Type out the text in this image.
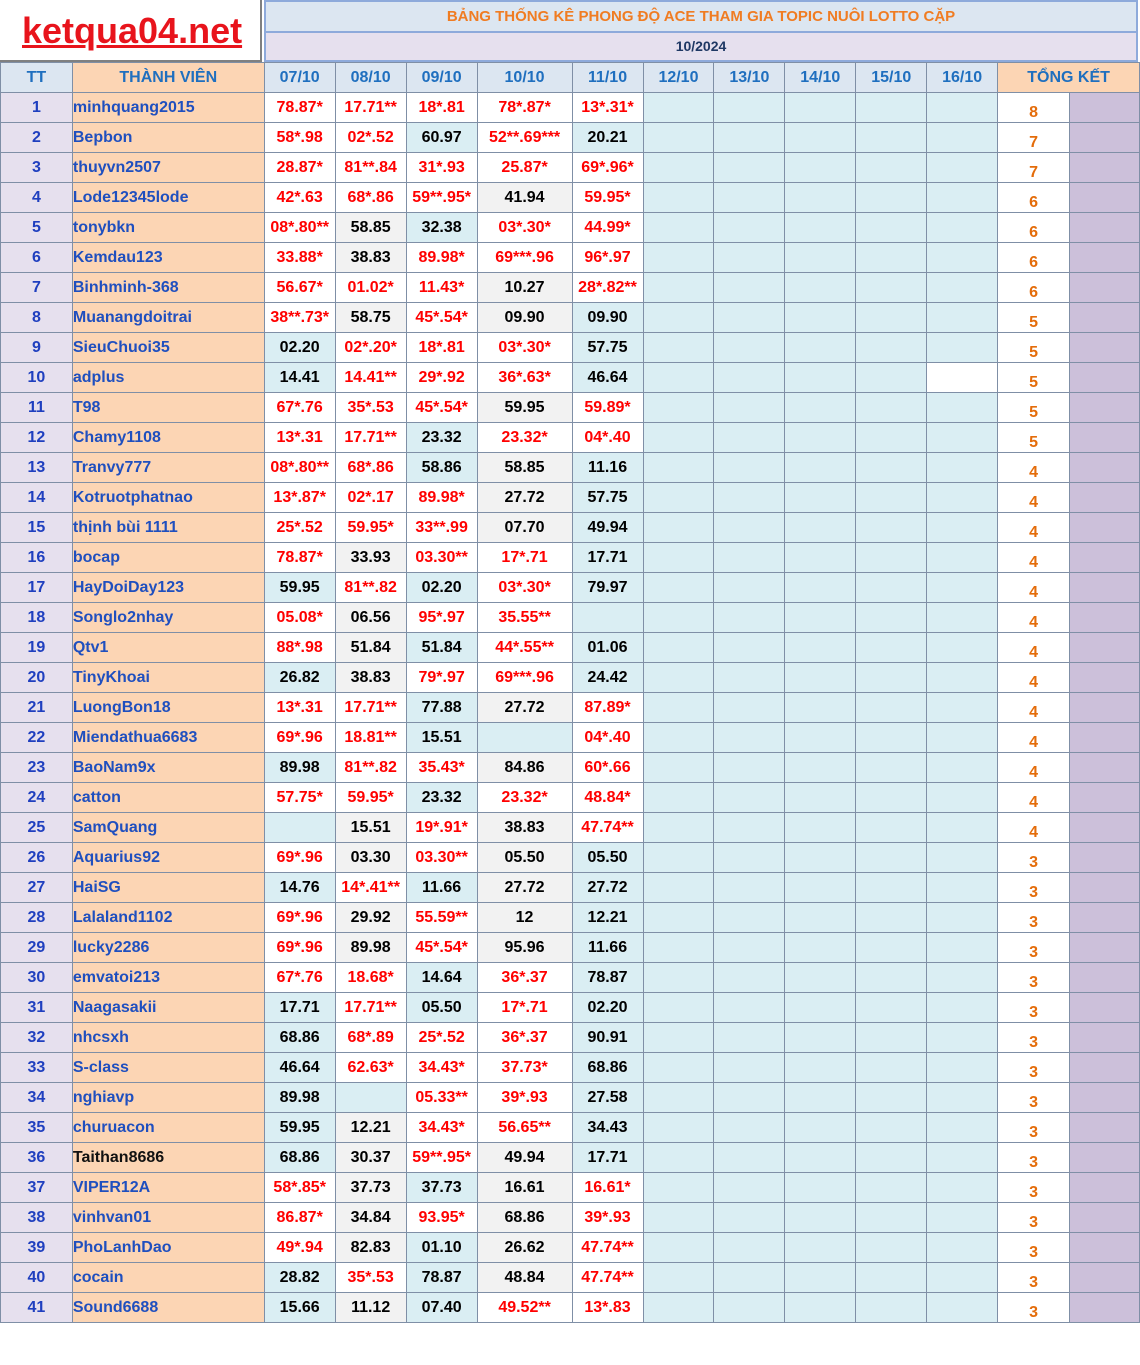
ketqua04.net	BẢNG THỐNG KÊ PHONG ĐỘ ACE THAM GIA TOPIC NUÔI LOTTO CẶP
10/2024
TT	THÀNH VIÊN	07/10	08/10	09/10	10/10	11/10	12/10	13/10	14/10	15/10	16/10	TỔNG KẾT	
1	minhquang2015	78.87*	17.71**	18*.81	78*.87*	13*.31*						8	
2	Bepbon	58*.98	02*.52	60.97	52**.69***	20.21						7	
3	thuyvn2507	28.87*	81**.84	31*.93	25.87*	69*.96*						7	
4	Lode12345lode	42*.63	68*.86	59**.95*	41.94	59.95*						6	
5	tonybkn	08*.80**	58.85	32.38	03*.30*	44.99*						6	
6	Kemdau123	33.88*	38.83	89.98*	69***.96	96*.97						6	
7	Binhminh-368	56.67*	01.02*	11.43*	10.27	28*.82**						6	
8	Muanangdoitrai	38**.73*	58.75	45*.54*	09.90	09.90						5	
9	SieuChuoi35	02.20	02*.20*	18*.81	03*.30*	57.75						5	
10	adplus	14.41	14.41**	29*.92	36*.63*	46.64						5	
11	T98	67*.76	35*.53	45*.54*	59.95	59.89*						5	
12	Chamy1108	13*.31	17.71**	23.32	23.32*	04*.40						5	
13	Tranvy777	08*.80**	68*.86	58.86	58.85	11.16						4	
14	Kotruotphatnao	13*.87*	02*.17	89.98*	27.72	57.75						4	
15	thịnh bùi 1111	25*.52	59.95*	33**.99	07.70	49.94						4	
16	bocap	78.87*	33.93	03.30**	17*.71	17.71						4	
17	HayDoiDay123	59.95	81**.82	02.20	03*.30*	79.97						4	
18	Songlo2nhay	05.08*	06.56	95*.97	35.55**							4	
19	Qtv1	88*.98	51.84	51.84	44*.55**	01.06						4	
20	TinyKhoai	26.82	38.83	79*.97	69***.96	24.42						4	
21	LuongBon18	13*.31	17.71**	77.88	27.72	87.89*						4	
22	Miendathua6683	69*.96	18.81**	15.51		04*.40						4	
23	BaoNam9x	89.98	81**.82	35.43*	84.86	60*.66						4	
24	catton	57.75*	59.95*	23.32	23.32*	48.84*						4	
25	SamQuang		15.51	19*.91*	38.83	47.74**						4	
26	Aquarius92	69*.96	03.30	03.30**	05.50	05.50						3	
27	HaiSG	14.76	14*.41**	11.66	27.72	27.72						3	
28	Lalaland1102	69*.96	29.92	55.59**	12	12.21						3	
29	lucky2286	69*.96	89.98	45*.54*	95.96	11.66						3	
30	emvatoi213	67*.76	18.68*	14.64	36*.37	78.87						3	
31	Naagasakii	17.71	17.71**	05.50	17*.71	02.20						3	
32	nhcsxh	68.86	68*.89	25*.52	36*.37	90.91						3	
33	S-class	46.64	62.63*	34.43*	37.73*	68.86						3	
34	nghiavp	89.98		05.33**	39*.93	27.58						3	
35	churuacon	59.95	12.21	34.43*	56.65**	34.43						3	
36	Taithan8686	68.86	30.37	59**.95*	49.94	17.71						3	
37	VIPER12A	58*.85*	37.73	37.73	16.61	16.61*						3	
38	vinhvan01	86.87*	34.84	93.95*	68.86	39*.93						3	
39	PhoLanhDao	49*.94	82.83	01.10	26.62	47.74**						3	
40	cocain	28.82	35*.53	78.87	48.84	47.74**						3	
41	Sound6688	15.66	11.12	07.40	49.52**	13*.83						3	
